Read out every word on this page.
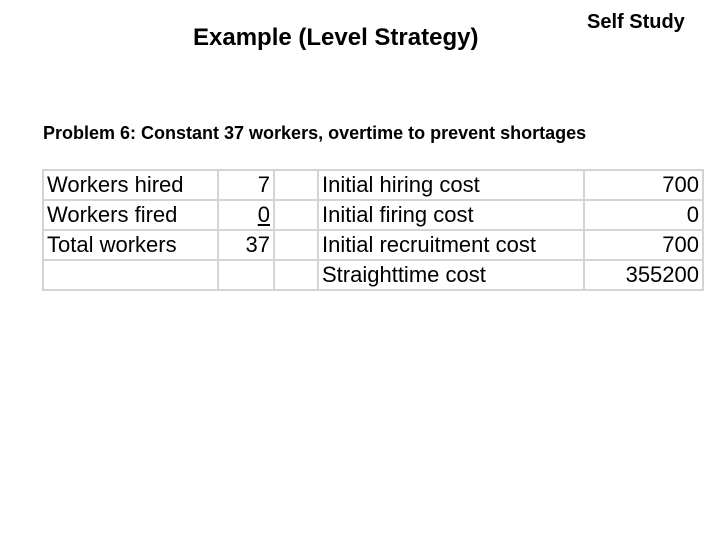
Example (Level Strategy)
Self Study
Problem 6: Constant 37 workers, overtime to prevent shortages
Workers hired	7		Initial hiring cost	700
Workers fired	0		Initial firing cost	0
Total workers	37		Initial recruitment cost	700
			Straighttime cost	355200
